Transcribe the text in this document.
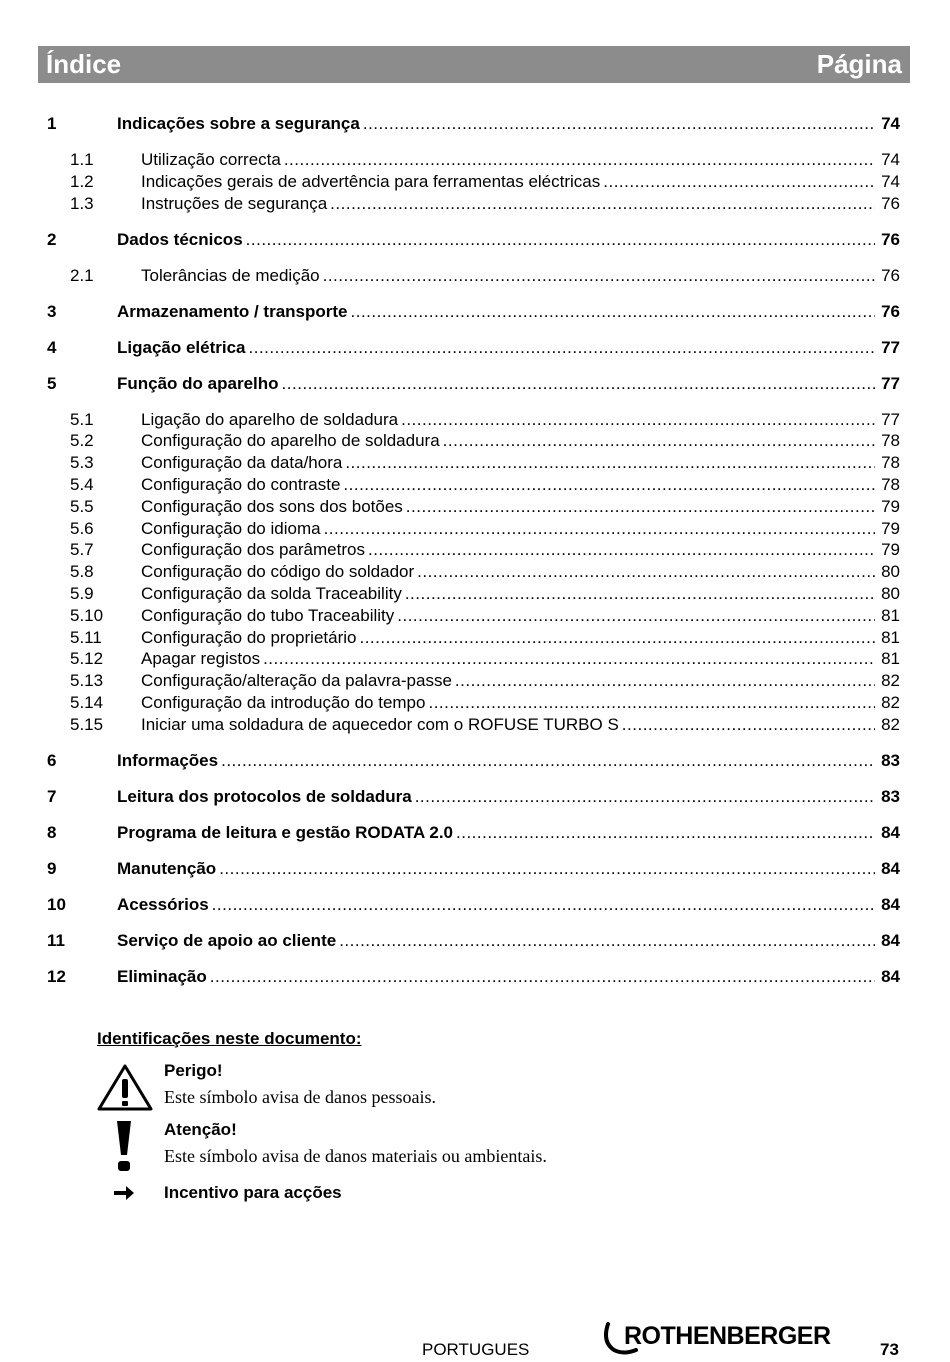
Índice	Página
1	Indicações sobre a segurança .....	74
1.1	Utilização correcta .....	74
1.2	Indicações gerais de advertência para ferramentas eléctricas .....	74
1.3	Instruções de segurança .....	76
2	Dados técnicos .....	76
2.1	Tolerâncias de medição .....	76
3	Armazenamento / transporte .....	76
4	Ligação elétrica .....	77
5	Função do aparelho .....	77
5.1	Ligação do aparelho de soldadura .....	77
5.2	Configuração do aparelho de soldadura .....	78
5.3	Configuração da data/hora .....	78
5.4	Configuração do contraste .....	78
5.5	Configuração dos sons dos botões .....	79
5.6	Configuração do idioma .....	79
5.7	Configuração dos parâmetros .....	79
5.8	Configuração do código do soldador .....	80
5.9	Configuração da solda Traceability .....	80
5.10 Configuração do tubo Traceability .....	81
5.11 Configuração do proprietário .....	81
5.12 Apagar registos .....	81
5.13 Configuração/alteração da palavra-passe .....	82
5.14 Configuração da introdução do tempo .....	82
5.15 Iniciar uma soldadura de aquecedor com o ROFUSE TURBO S .....	82
6	Informações .....	83
7	Leitura dos protocolos de soldadura .....	83
8	Programa de leitura e gestão RODATA 2.0 .....	84
9	Manutenção .....	84
10	Acessórios .....	84
11	Serviço de apoio ao cliente .....	84
12	Eliminação .....	84
Identificações neste documento:
Perigo!
Este símbolo avisa de danos pessoais.
Atenção!
Este símbolo avisa de danos materiais ou ambientais.
Incentivo para acções
PORTUGUES	ROTHENBERGER	73
